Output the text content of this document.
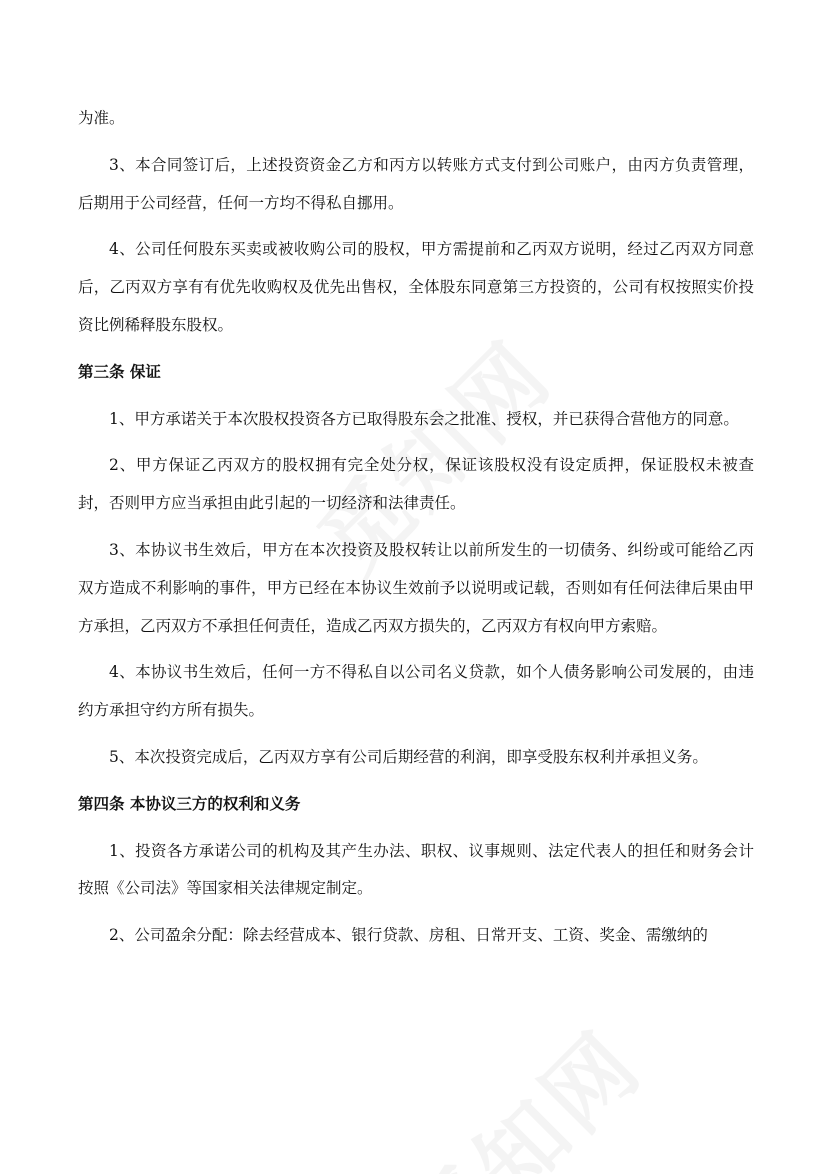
为准。

3、本合同签订后，上述投资资金乙方和丙方以转账方式支付到公司账户，由丙方负责管理，后期用于公司经营，任何一方均不得私自挪用。

4、公司任何股东买卖或被收购公司的股权，甲方需提前和乙丙双方说明，经过乙丙双方同意后，乙丙双方享有有优先收购权及优先出售权，全体股东同意第三方投资的，公司有权按照实价投资比例稀释股东股权。

第三条 保证

1、甲方承诺关于本次股权投资各方已取得股东会之批准、授权，并已获得合营他方的同意。

2、甲方保证乙丙双方的股权拥有完全处分权，保证该股权没有设定质押，保证股权未被查封，否则甲方应当承担由此引起的一切经济和法律责任。

3、本协议书生效后，甲方在本次投资及股权转让以前所发生的一切债务、纠纷或可能给乙丙双方造成不利影响的事件，甲方已经在本协议生效前予以说明或记载，否则如有任何法律后果由甲方承担，乙丙双方不承担任何责任，造成乙丙双方损失的，乙丙双方有权向甲方索赔。

4、本协议书生效后，任何一方不得私自以公司名义贷款，如个人债务影响公司发展的，由违约方承担守约方所有损失。

5、本次投资完成后，乙丙双方享有公司后期经营的利润，即享受股东权利并承担义务。

第四条 本协议三方的权利和义务

1、投资各方承诺公司的机构及其产生办法、职权、议事规则、法定代表人的担任和财务会计按照《公司法》等国家相关法律规定制定。

2、公司盈余分配：除去经营成本、银行贷款、房租、日常开支、工资、奖金、需缴纳的
